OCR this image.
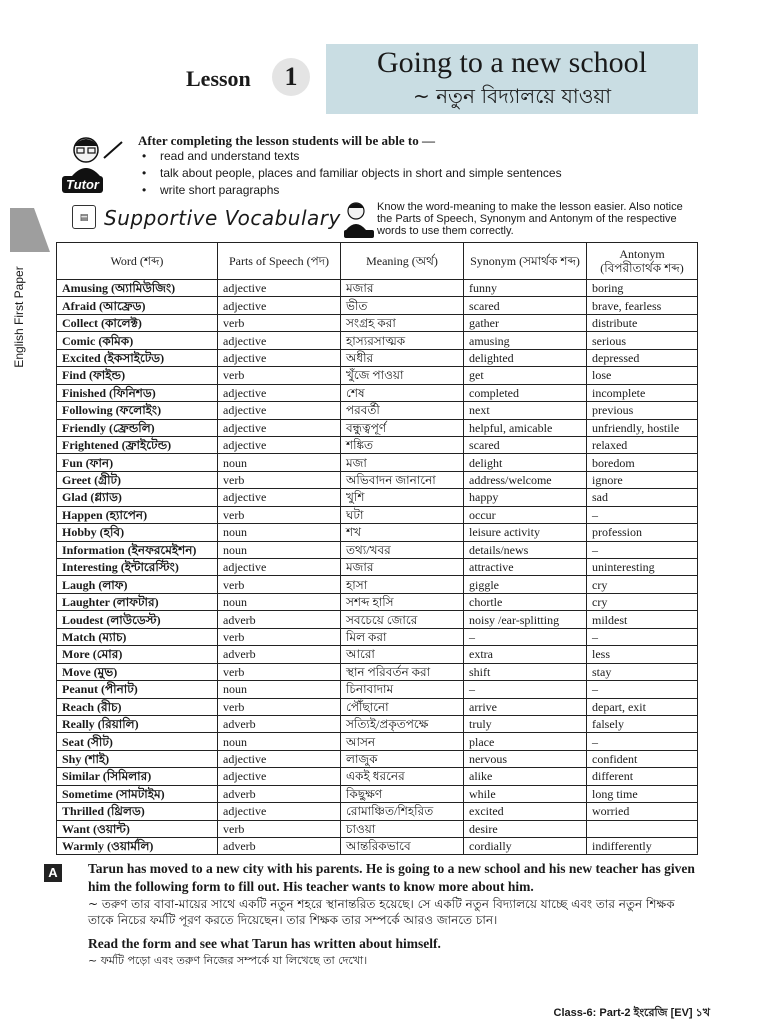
English First Paper
Lesson	1	Going to a new school
~ নতুন বিদ্যালয়ে যাওয়া
Tutor
After completing the lesson students will be able to —
• read and understand texts
• talk about people, places and familiar objects in short and simple sentences
• write short paragraphs
▤ Supportive Vocabulary	Know the word-meaning to make the lesson easier. Also notice the Parts of Speech, Synonym and Antonym of the respective words to use them correctly.
Word (শব্দ)	Parts of Speech (পদ)	Meaning (অর্থ)	Synonym (সমার্থক শব্দ)	Antonym (বিপরীতার্থক শব্দ)
Amusing (অ্যামিউজিং)	adjective	মজার	funny	boring
Afraid (আফ্রেড)	adjective	ভীত	scared	brave, fearless
Collect (কালেক্ট)	verb	সংগ্রহ করা	gather	distribute
Comic (কমিক)	adjective	হাস্যরসাত্মক	amusing	serious
Excited (ইকসাইটেড)	adjective	অধীর	delighted	depressed
Find (ফাইন্ড)	verb	খুঁজে পাওয়া	get	lose
Finished (ফিনিশড)	adjective	শেষ	completed	incomplete
Following (ফলোইং)	adjective	পরবর্তী	next	previous
Friendly (ফ্রেন্ডলি)	adjective	বন্ধুত্বপূর্ণ	helpful, amicable	unfriendly, hostile
Frightened (ফ্রাইটেন্ড)	adjective	শঙ্কিত	scared	relaxed
Fun (ফান)	noun	মজা	delight	boredom
Greet (গ্রীট)	verb	অভিবাদন জানানো	address/welcome	ignore
Glad (গ্ল্যাড)	adjective	খুশি	happy	sad
Happen (হ্যাপেন)	verb	ঘটা	occur	–
Hobby (হবি)	noun	শখ	leisure activity	profession
Information (ইনফরমেইশন)	noun	তথ্য/খবর	details/news	–
Interesting (ইন্টারেস্টিং)	adjective	মজার	attractive	uninteresting
Laugh (লাফ)	verb	হাসা	giggle	cry
Laughter (লাফটার)	noun	সশব্দ হাসি	chortle	cry
Loudest (লাউডেস্ট)	adverb	সবচেয়ে জোরে	noisy /ear-splitting	mildest
Match (ম্যাচ)	verb	মিল করা	–	–
More (মোর)	adverb	আরো	extra	less
Move (মুভ)	verb	স্থান পরিবর্তন করা	shift	stay
Peanut (পীনাট)	noun	চিনাবাদাম	–	–
Reach (রীচ)	verb	পৌঁছানো	arrive	depart, exit
Really (রিয়ালি)	adverb	সত্যিই/প্রকৃতপক্ষে	truly	falsely
Seat (সীট)	noun	আসন	place	–
Shy (শাই)	adjective	লাজুক	nervous	confident
Similar (সিমিলার)	adjective	একই ধরনের	alike	different
Sometime (সামটাইম)	adverb	কিছুক্ষণ	while	long time
Thrilled (থ্রিলড)	adjective	রোমাঞ্চিত/শিহরিত	excited	worried
Want (ওয়ান্ট)	verb	চাওয়া	desire	
Warmly (ওয়ার্মলি)	adverb	আন্তরিকভাবে	cordially	indifferently
A	Tarun has moved to a new city with his parents. He is going to a new school and his new teacher has given him the following form to fill out. His teacher wants to know more about him.
~ তরুণ তার বাবা-মায়ের সাথে একটি নতুন শহরে স্থানান্তরিত হয়েছে। সে একটি নতুন বিদ্যালয়ে যাচ্ছে এবং তার নতুন শিক্ষক তাকে নিচের ফর্মটি পূরণ করতে দিয়েছেন। তার শিক্ষক তার সম্পর্কে আরও জানতে চান।
Read the form and see what Tarun has written about himself.
~ ফর্মটি পড়ো এবং তরুণ নিজের সম্পর্কে যা লিখেছে তা দেখো।
Class-6: Part-2 ইংরেজি [EV] ১খ
